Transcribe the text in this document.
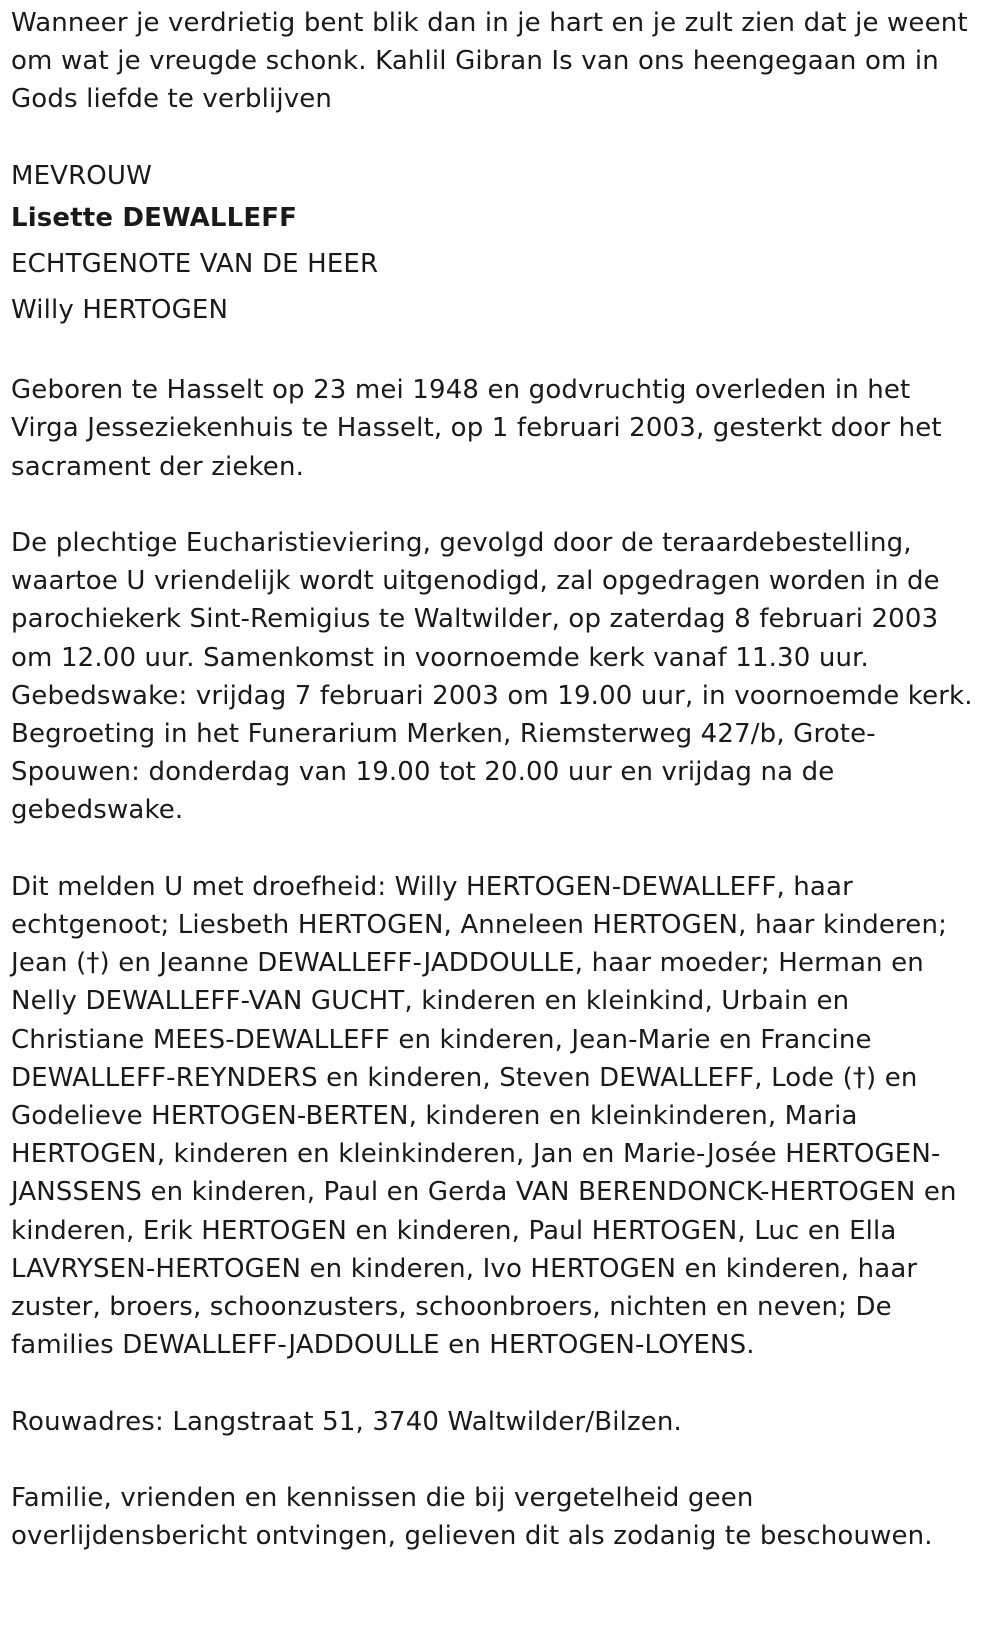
Wanneer je verdrietig bent blik dan in je hart en je zult zien dat je weent om wat je vreugde schonk. Kahlil Gibran Is van ons heengegaan om in Gods liefde te verblijven

MEVROUW

Lisette DEWALLEFF

ECHTGENOTE VAN DE HEER

Willy HERTOGEN

Geboren te Hasselt op 23 mei 1948 en godvruchtig overleden in het Virga Jesseziekenhuis te Hasselt, op 1 februari 2003, gesterkt door het sacrament der zieken.

De plechtige Eucharistieviering, gevolgd door de teraardebestelling, waartoe U vriendelijk wordt uitgenodigd, zal opgedragen worden in de parochiekerk Sint-Remigius te Waltwilder, op zaterdag 8 februari 2003 om 12.00 uur. Samenkomst in voornoemde kerk vanaf 11.30 uur. Gebedswake: vrijdag 7 februari 2003 om 19.00 uur, in voornoemde kerk. Begroeting in het Funerarium Merken, Riemsterweg 427/b, Grote-Spouwen: donderdag van 19.00 tot 20.00 uur en vrijdag na de gebedswake.

Dit melden U met droefheid: Willy HERTOGEN-DEWALLEFF, haar echtgenoot; Liesbeth HERTOGEN, Anneleen HERTOGEN, haar kinderen; Jean (†) en Jeanne DEWALLEFF-JADDOULLE, haar moeder; Herman en Nelly DEWALLEFF-VAN GUCHT, kinderen en kleinkind, Urbain en Christiane MEES-DEWALLEFF en kinderen, Jean-Marie en Francine DEWALLEFF-REYNDERS en kinderen, Steven DEWALLEFF, Lode (†) en Godelieve HERTOGEN-BERTEN, kinderen en kleinkinderen, Maria HERTOGEN, kinderen en kleinkinderen, Jan en Marie-Josée HERTOGEN-JANSSENS en kinderen, Paul en Gerda VAN BERENDONCK-HERTOGEN en kinderen, Erik HERTOGEN en kinderen, Paul HERTOGEN, Luc en Ella LAVRYSEN-HERTOGEN en kinderen, Ivo HERTOGEN en kinderen, haar zuster, broers, schoonzusters, schoonbroers, nichten en neven; De families DEWALLEFF-JADDOULLE en HERTOGEN-LOYENS.

Rouwadres: Langstraat 51, 3740 Waltwilder/Bilzen.

Familie, vrienden en kennissen die bij vergetelheid geen overlijdensbericht ontvingen, gelieven dit als zodanig te beschouwen.
